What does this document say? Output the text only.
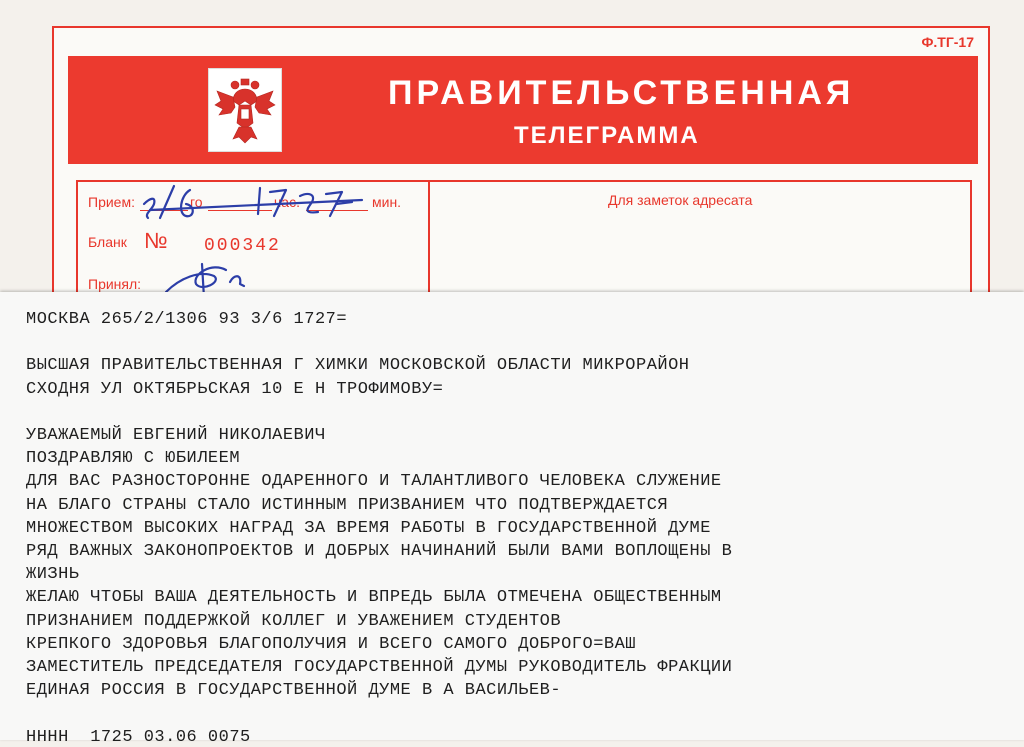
Ф.ТГ-17
ПРАВИТЕЛЬСТВЕННАЯ
ТЕЛЕГРАММА
Прием:	го	час.	мин.
Бланк № 000342
Принял:
Для заметок адресата

МОСКВА 265/2/1306 93 3/6 1727=

ВЫСШАЯ ПРАВИТЕЛЬСТВЕННАЯ Г ХИМКИ МОСКОВСКОЙ ОБЛАСТИ МИКРОРАЙОН

СХОДНЯ УЛ ОКТЯБРЬСКАЯ 10 Е Н ТРОФИМОВУ=

УВАЖАЕМЫЙ ЕВГЕНИЙ НИКОЛАЕВИЧ

ПОЗДРАВЛЯЮ С ЮБИЛЕЕМ

ДЛЯ ВАС РАЗНОСТОРОННЕ ОДАРЕННОГО И ТАЛАНТЛИВОГО ЧЕЛОВЕКА СЛУЖЕНИЕ

НА БЛАГО СТРАНЫ СТАЛО ИСТИННЫМ ПРИЗВАНИЕМ ЧТО ПОДТВЕРЖДАЕТСЯ

МНОЖЕСТВОМ ВЫСОКИХ НАГРАД ЗА ВРЕМЯ РАБОТЫ В ГОСУДАРСТВЕННОЙ ДУМЕ

РЯД ВАЖНЫХ ЗАКОНОПРОЕКТОВ И ДОБРЫХ НАЧИНАНИЙ БЫЛИ ВАМИ ВОПЛОЩЕНЫ В

ЖИЗНЬ

ЖЕЛАЮ ЧТОБЫ ВАША ДЕЯТЕЛЬНОСТЬ И ВПРЕДЬ БЫЛА ОТМЕЧЕНА ОБЩЕСТВЕННЫМ

ПРИЗНАНИЕМ ПОДДЕРЖКОЙ КОЛЛЕГ И УВАЖЕНИЕМ СТУДЕНТОВ

КРЕПКОГО ЗДОРОВЬЯ БЛАГОПОЛУЧИЯ И ВСЕГО САМОГО ДОБРОГО=ВАШ

ЗАМЕСТИТЕЛЬ ПРЕДСЕДАТЕЛЯ ГОСУДАРСТВЕННОЙ ДУМЫ РУКОВОДИТЕЛЬ ФРАКЦИИ

ЕДИНАЯ РОССИЯ В ГОСУДАРСТВЕННОЙ ДУМЕ В А ВАСИЛЬЕВ-

НННН  1725 03.06 0075
